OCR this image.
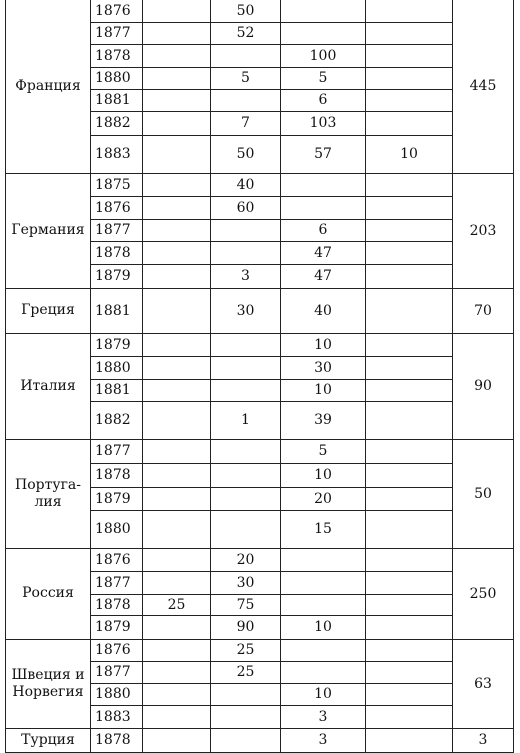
Франция	1876		50			445
	1877		52			
	1878			100		
	1880		5	5		
	1881			6		
	1882		7	103		
	1883		50	57	10	
Германия	1875		40			203
	1876		60			
	1877			6		
	1878			47		
	1879		3	47		
Греция	1881		30	40		70
Италия	1879			10		90
	1880			30		
	1881			10		
	1882		1	39		
Португа-
лия	1877			5		50
	1878			10		
	1879			20		
	1880			15		
Россия	1876		20			250
	1877		30			
	1878	25	75			
	1879		90	10		
Швеция и
Норвегия	1876		25			63
	1877		25			
	1880			10		
	1883			3		
Турция	1878			3		3
